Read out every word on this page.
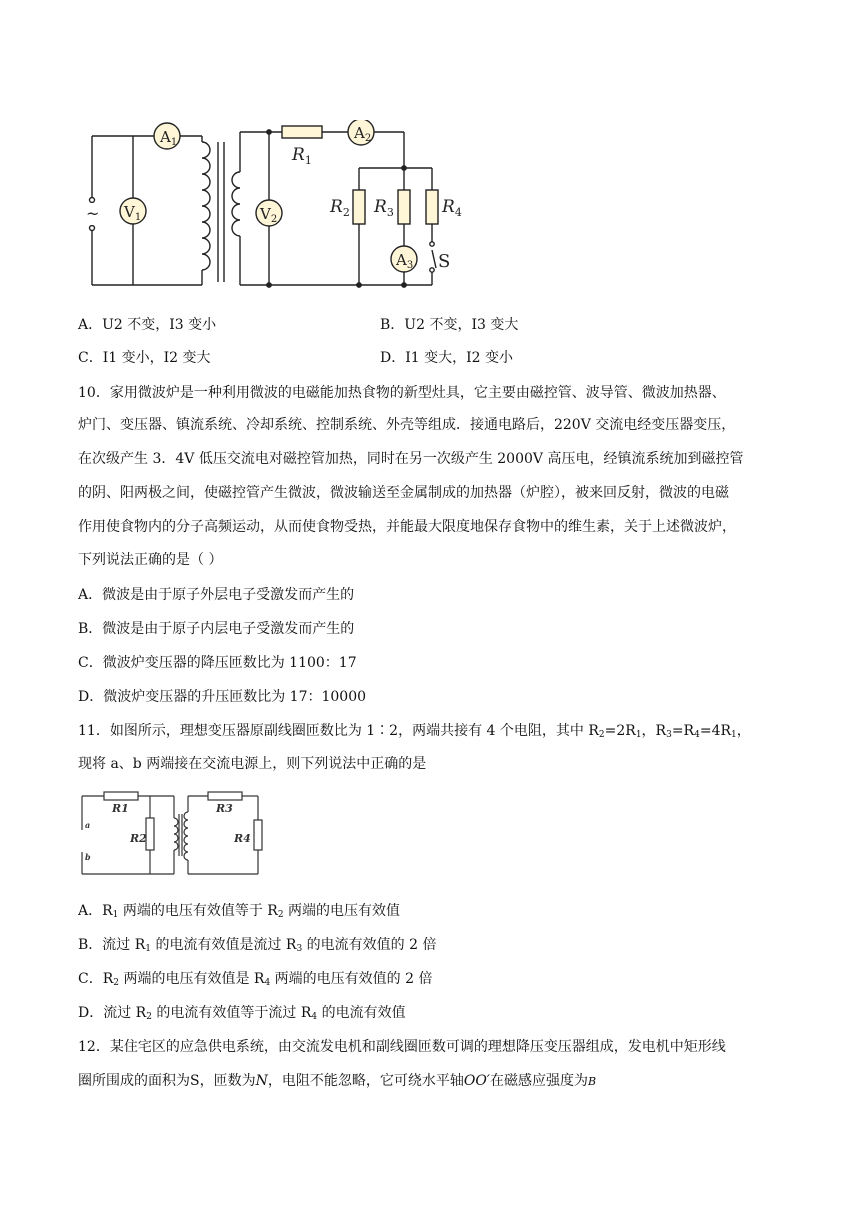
~
$A_1$
$V_1$	$V_2$
$A_2$
$A_3$
$R_1$
$R_2$ $R_3$	$R_4$
S
A．U2 不变，I3 变小	B．U2 不变，I3 变大
C．I1 变小，I2 变大	D．I1 变大，I2 变小
10．家用微波炉是一种利用微波的电磁能加热食物的新型灶具，它主要由磁控管、波导管、微波加热器、
炉门、变压器、镇流系统、冷却系统、控制系统、外壳等组成．接通电路后，220V 交流电经变压器变压，
在次级产生 3．4V 低压交流电对磁控管加热，同时在另一次级产生 2000V 高压电，经镇流系统加到磁控管
的阴、阳两极之间，使磁控管产生微波，微波输送至金属制成的加热器（炉腔），被来回反射，微波的电磁
作用使食物内的分子高频运动，从而使食物受热，并能最大限度地保存食物中的维生素，关于上述微波炉，
下列说法正确的是（ ）
A．微波是由于原子外层电子受激发而产生的
B．微波是由于原子内层电子受激发而产生的
C．微波炉变压器的降压匝数比为 1100：17
D．微波炉变压器的升压匝数比为 17：10000
11．如图所示，理想变压器原副线圈匝数比为 1∶2，两端共接有 4 个电阻，其中 $R_2=2R_1$，$R_3=R_4=4R_1$，
现将 a、b 两端接在交流电源上，则下列说法中正确的是
R1
R2
R3
R4
a
b
A．$R_1$ 两端的电压有效值等于 $R_2$ 两端的电压有效值
B．流过 $R_1$ 的电流有效值是流过 $R_3$ 的电流有效值的 2 倍
C．$R_2$ 两端的电压有效值是 $R_4$ 两端的电压有效值的 2 倍
D．流过 $R_2$ 的电流有效值等于流过 $R_4$ 的电流有效值
12．某住宅区的应急供电系统，由交流发电机和副线圈匝数可调的理想降压变压器组成，发电机中矩形线
圈所围成的面积为S，匝数为N，电阻不能忽略，它可绕水平轴OO′在磁感应强度为B
